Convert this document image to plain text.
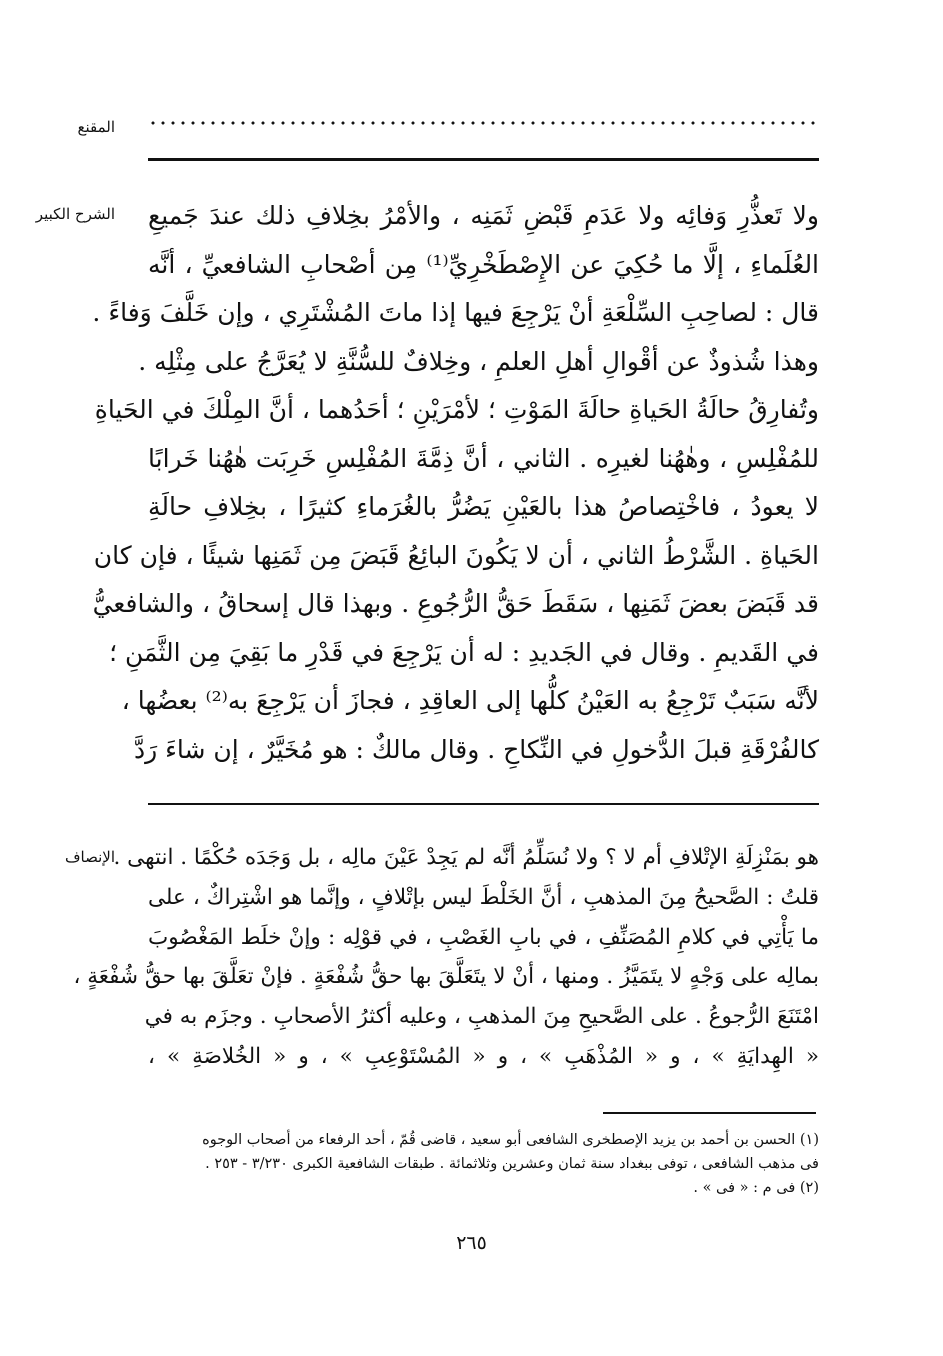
المقنع
الشرح الكبير ولا تَعذُّرِ وَفائِه ولا عَدَمِ قَبْضِ ثَمَنِه ، والأمْرُ بخِلافِ ذلك عندَ جَميعِ
العُلَماءِ ، إلَّا ما حُكِيَ عن الإِصْطَخْرِيِّ⁽¹⁾ مِن أصْحابِ الشافعيِّ ، أنَّه
قال : لصاحِبِ السِّلْعَةِ أنْ يَرْجِعَ فيها إذا ماتَ المُشْتَرِي ، وإن خَلَّفَ وَفاءً .
وهذا شُذوذٌ عن أقْوالِ أهلِ العلمِ ، وخِلافٌ للسُّنَّةِ لا يُعَرَّجُ على مِثْلِه .
وتُفارِقُ حالَةُ الحَياةِ حالَةَ المَوْتِ ؛ لأمْرَيْنِ ؛ أحَدُهما ، أنَّ المِلْكَ في الحَياةِ
للمُفْلِسِ ، وهٰهُنا لغيرِه . الثاني ، أنَّ ذِمَّةَ المُفْلِسِ خَرِبَت هٰهُنا خَرابًا
لا يعودُ ، فاخْتِصاصُ هذا بالعَيْنِ يَضُرُّ بالغُرَماءِ كثيرًا ، بخِلافِ حالَةِ
الحَياةِ . الشَّرْطُ الثاني ، أن لا يَكُونَ البائِعُ قَبَضَ مِن ثَمَنِها شيئًا ، فإن كان
قد قَبَضَ بعضَ ثَمَنِها ، سَقَطَ حَقُّ الرُّجُوعِ . وبهذا قال إسحاقُ ، والشافعيُّ
في القَديمِ . وقال في الجَديدِ : له أن يَرْجِعَ في قَدْرِ ما بَقِيَ مِن الثَّمَنِ ؛
لأنَّه سَبَبٌ تَرْجِعُ به العَيْنُ كلُّها إلى العاقِدِ ، فجازَ أن يَرْجِعَ به⁽²⁾ بعضُها ،
كالفُرْقَةِ قبلَ الدُّخولِ في النِّكاحِ . وقال مالكٌ : هو مُخَيَّرٌ ، إن شاءَ رَدَّ
الإنصاف
هو بمَنْزِلَةِ الإتْلافِ أم لا ؟ ولا نُسَلِّمُ أنَّه لم يَجِدْ عَيْنَ مالِه ، بل وَجَدَه حُكْمًا . انتهى .
قلتُ : الصَّحيحُ مِنَ المذهبِ ، أنَّ الخَلْطَ ليس بإتْلافٍ ، وإنَّما هو اشْتِراكٌ ، على
ما يَأْتِي في كلامِ المُصَنِّفِ ، في بابِ الغَصْبِ ، في قوْلِه : وإنْ خلَط المَغْصُوبَ
بمالِه على وَجْهٍ لا يتَمَيَّزُ . ومنها ، أنْ لا يتَعَلَّقَ بها حقُّ شُفْعَةٍ . فإنْ تعَلَّقَ بها حقُّ شُفْعَةٍ ،
امْتَنَعَ الرُّجوعُ . على الصَّحيحِ مِنَ المذهبِ ، وعليه أكثرُ الأصحابِ . وجزَم به في
« الهِدايَةِ » ، و « المُذْهَبِ » ، و « المُسْتَوْعِبِ » ، و « الخُلاصَةِ » ،
(١) الحسن بن أحمد بن يزيد الإصطخرى الشافعى أبو سعيد ، قاضى قُمّ ، أحد الرفعاء من أصحاب الوجوه
فى مذهب الشافعى ، توفى ببغداد سنة ثمان وعشرين وثلاثمائة . طبقات الشافعية الكبرى ٣/٢٣٠ - ٢٥٣ .
(٢) فى م : « فى » .
٢٦٥
